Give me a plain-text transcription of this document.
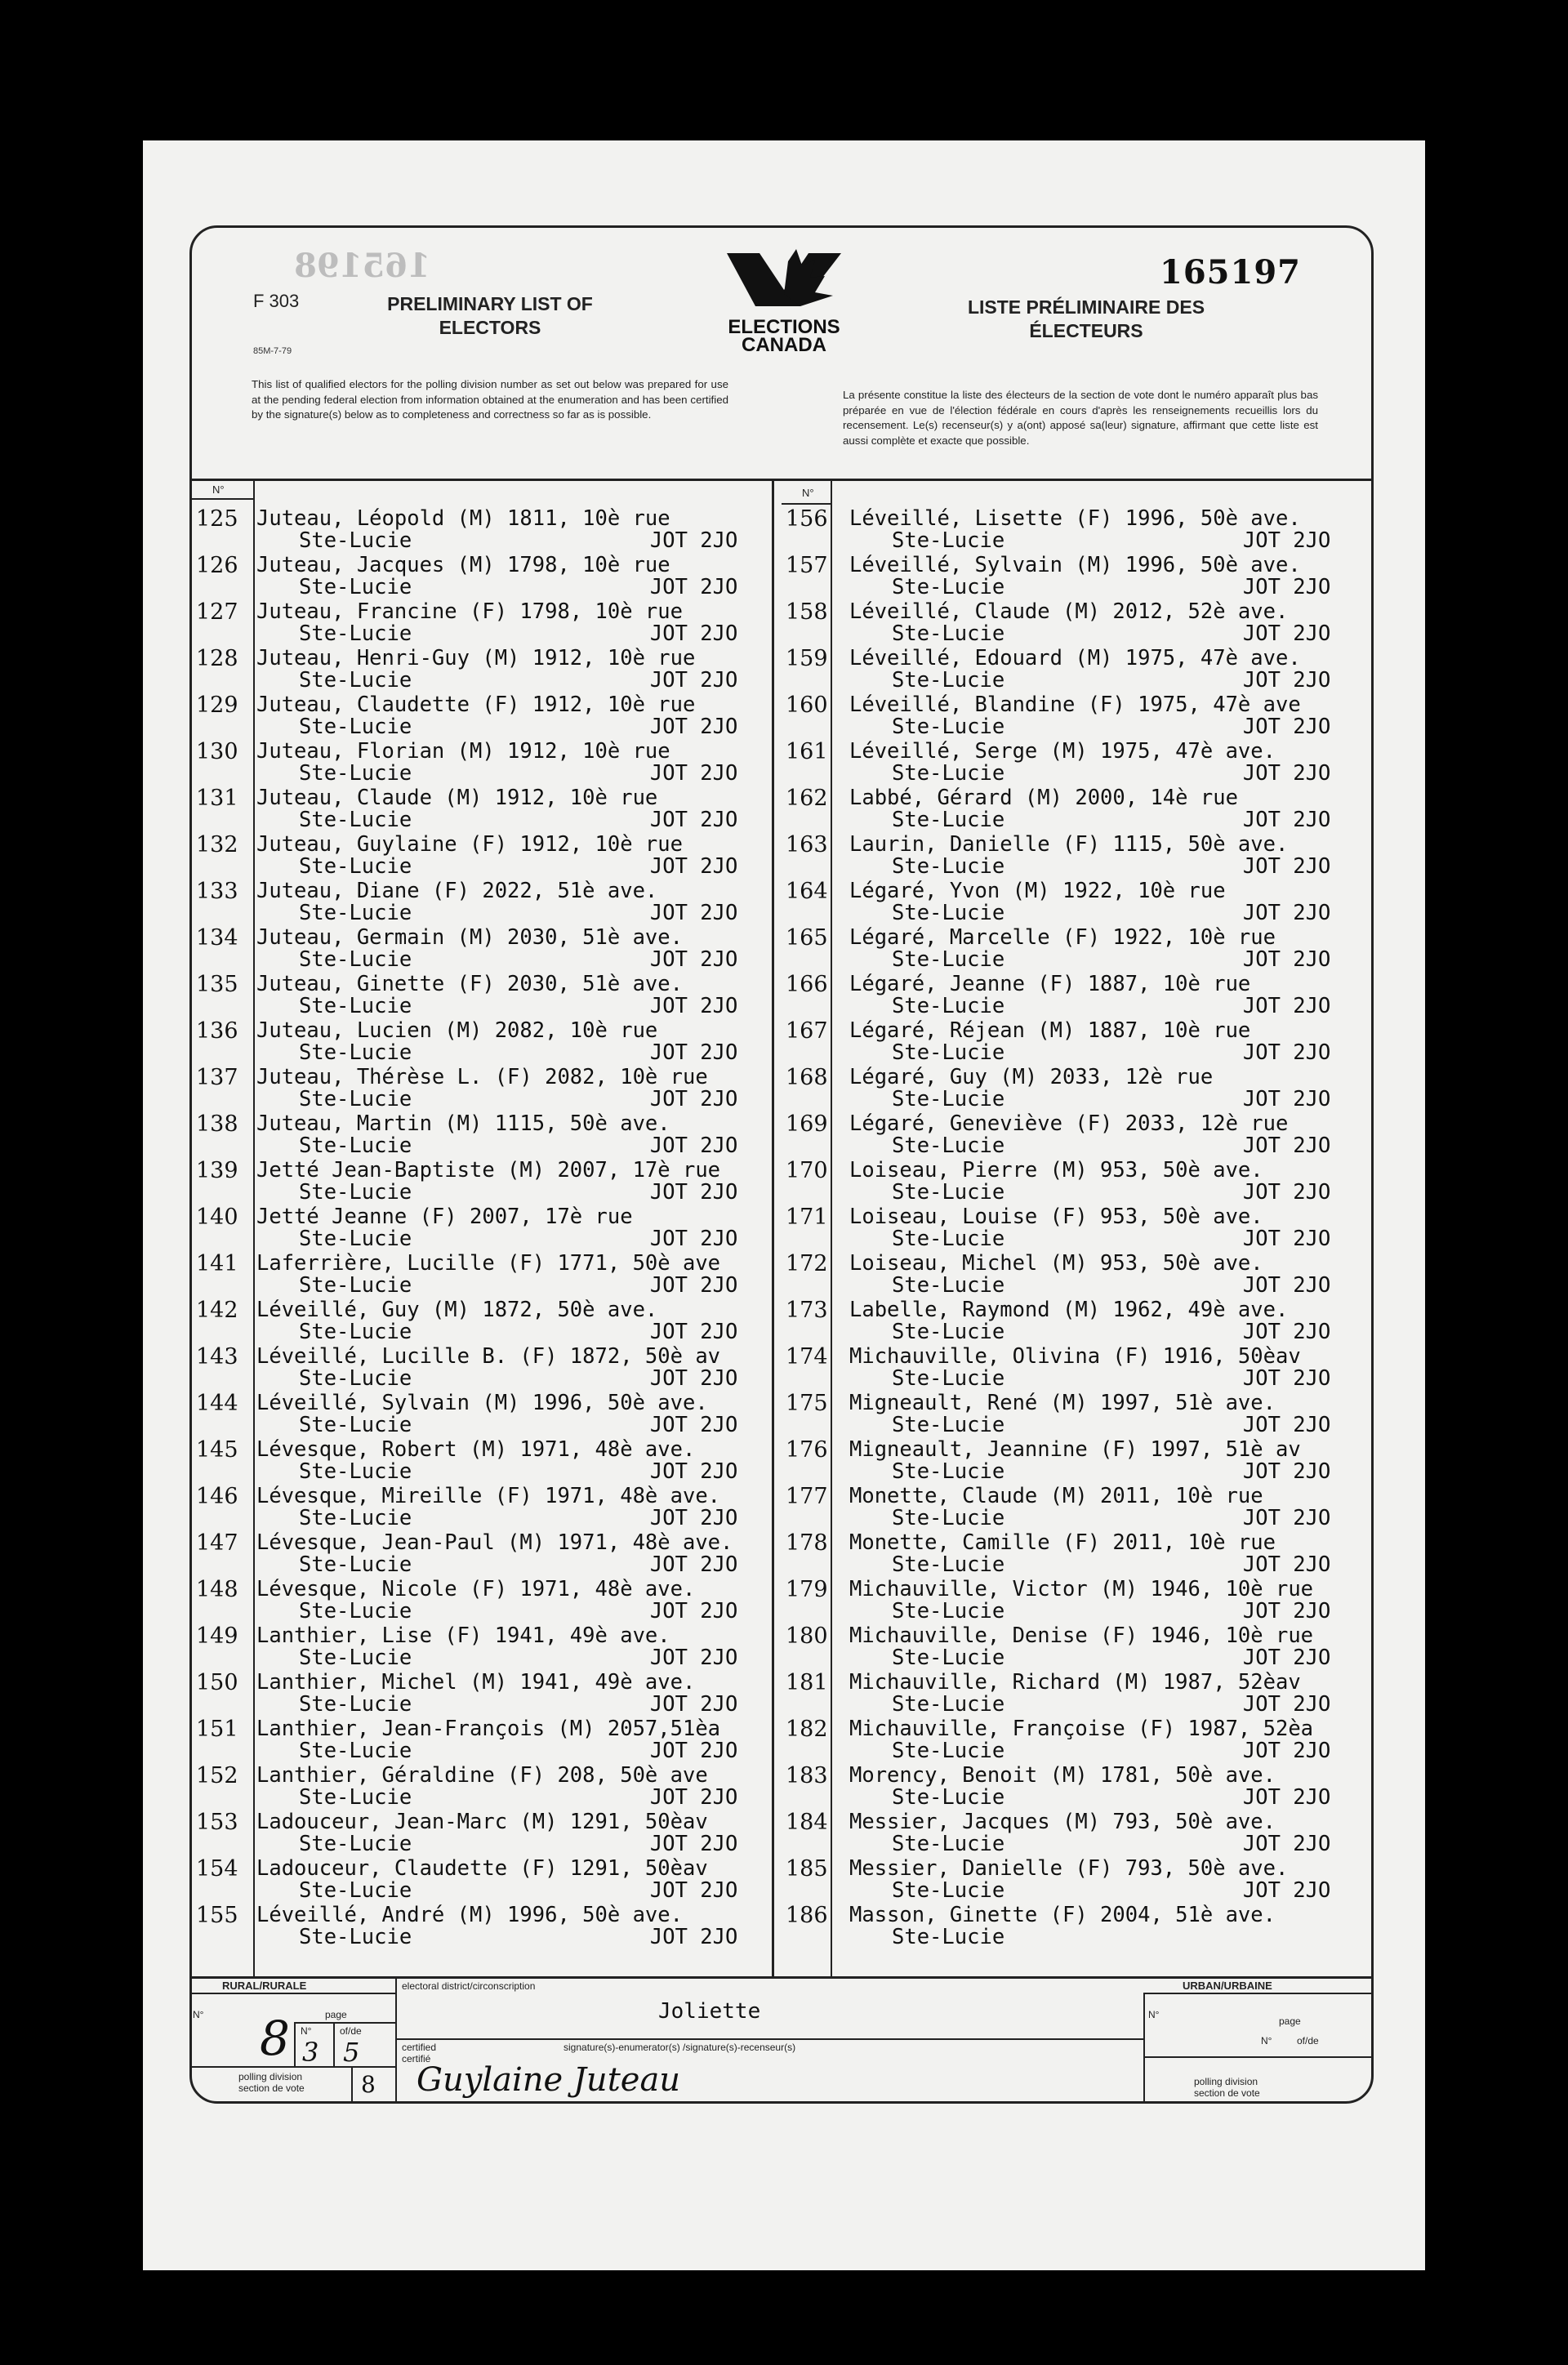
165198
F 303
85M-7-79
PRELIMINARY LIST OF
ELECTORS	ELECTIONS
CANADA
165197
LISTE PRÉLIMINAIRE DES
ÉLECTEURS
This list of qualified electors for the polling division number as set out below was prepared for use at the pending federal election from information obtained at the enumeration and has been certified by the signature(s) below as to completeness and correctness so far as is possible.
La présente constitue la liste des électeurs de la section de vote dont le numéro apparaît plus bas préparée en vue de l'élection fédérale en cours d'après les renseignements recueillis lors du recensement. Le(s) recenseur(s) y a(ont) apposé sa(leur) signature, affirmant que cette liste est aussi complète et exacte que possible.
N°	N°
125 Juteau, Léopold (M) 1811, 10è rue
Ste-Lucie                   JOT 2JO
126 Juteau, Jacques (M) 1798, 10è rue
Ste-Lucie                   JOT 2JO
127 Juteau, Francine (F) 1798, 10è rue
Ste-Lucie                   JOT 2JO
128 Juteau, Henri-Guy (M) 1912, 10è rue
Ste-Lucie                   JOT 2JO
129 Juteau, Claudette (F) 1912, 10è rue
Ste-Lucie                   JOT 2JO
130 Juteau, Florian (M) 1912, 10è rue
Ste-Lucie                   JOT 2JO
131 Juteau, Claude (M) 1912, 10è rue
Ste-Lucie                   JOT 2JO
132 Juteau, Guylaine (F) 1912, 10è rue
Ste-Lucie                   JOT 2JO
133 Juteau, Diane (F) 2022, 51è ave.
Ste-Lucie                   JOT 2JO
134 Juteau, Germain (M) 2030, 51è ave.
Ste-Lucie                   JOT 2JO
135 Juteau, Ginette (F) 2030, 51è ave.
Ste-Lucie                   JOT 2JO
136 Juteau, Lucien (M) 2082, 10è rue
Ste-Lucie                   JOT 2JO
137 Juteau, Thérèse L. (F) 2082, 10è rue
Ste-Lucie                   JOT 2JO
138 Juteau, Martin (M) 1115, 50è ave.
Ste-Lucie                   JOT 2JO
139 Jetté Jean-Baptiste (M) 2007, 17è rue
Ste-Lucie                   JOT 2JO
140 Jetté Jeanne (F) 2007, 17è rue
Ste-Lucie                   JOT 2JO
141 Laferrière, Lucille (F) 1771, 50è ave
Ste-Lucie                   JOT 2JO
142 Léveillé, Guy (M) 1872, 50è ave.
Ste-Lucie                   JOT 2JO
143 Léveillé, Lucille B. (F) 1872, 50è av
Ste-Lucie                   JOT 2JO
144 Léveillé, Sylvain (M) 1996, 50è ave.
Ste-Lucie                   JOT 2JO
145 Lévesque, Robert (M) 1971, 48è ave.
Ste-Lucie                   JOT 2JO
146 Lévesque, Mireille (F) 1971, 48è ave.
Ste-Lucie                   JOT 2JO
147 Lévesque, Jean-Paul (M) 1971, 48è ave.
Ste-Lucie                   JOT 2JO
148 Lévesque, Nicole (F) 1971, 48è ave.
Ste-Lucie                   JOT 2JO
149 Lanthier, Lise (F) 1941, 49è ave.
Ste-Lucie                   JOT 2JO
150 Lanthier, Michel (M) 1941, 49è ave.
Ste-Lucie                   JOT 2JO
151 Lanthier, Jean-François (M) 2057,51èa
Ste-Lucie                   JOT 2JO
152 Lanthier, Géraldine (F) 208, 50è ave
Ste-Lucie                   JOT 2JO
153 Ladouceur, Jean-Marc (M) 1291, 50èav
Ste-Lucie                   JOT 2JO
154 Ladouceur, Claudette (F) 1291, 50èav
Ste-Lucie                   JOT 2JO
155 Léveillé, André (M) 1996, 50è ave.
Ste-Lucie                   JOT 2JO
156 Léveillé, Lisette (F) 1996, 50è ave.
Ste-Lucie                   JOT 2JO
157 Léveillé, Sylvain (M) 1996, 50è ave.
Ste-Lucie                   JOT 2JO
158 Léveillé, Claude (M) 2012, 52è ave.
Ste-Lucie                   JOT 2JO
159 Léveillé, Edouard (M) 1975, 47è ave.
Ste-Lucie                   JOT 2JO
160 Léveillé, Blandine (F) 1975, 47è ave
Ste-Lucie                   JOT 2JO
161 Léveillé, Serge (M) 1975, 47è ave.
Ste-Lucie                   JOT 2JO
162 Labbé, Gérard (M) 2000, 14è rue
Ste-Lucie                   JOT 2JO
163 Laurin, Danielle (F) 1115, 50è ave.
Ste-Lucie                   JOT 2JO
164 Légaré, Yvon (M) 1922, 10è rue
Ste-Lucie                   JOT 2JO
165 Légaré, Marcelle (F) 1922, 10è rue
Ste-Lucie                   JOT 2JO
166 Légaré, Jeanne (F) 1887, 10è rue
Ste-Lucie                   JOT 2JO
167 Légaré, Réjean (M) 1887, 10è rue
Ste-Lucie                   JOT 2JO
168 Légaré, Guy (M) 2033, 12è rue
Ste-Lucie                   JOT 2JO
169 Légaré, Geneviève (F) 2033, 12è rue
Ste-Lucie                   JOT 2JO
170 Loiseau, Pierre (M) 953, 50è ave.
Ste-Lucie                   JOT 2JO
171 Loiseau, Louise (F) 953, 50è ave.
Ste-Lucie                   JOT 2JO
172 Loiseau, Michel (M) 953, 50è ave.
Ste-Lucie                   JOT 2JO
173 Labelle, Raymond (M) 1962, 49è ave.
Ste-Lucie                   JOT 2JO
174 Michauville, Olivina (F) 1916, 50èav
Ste-Lucie                   JOT 2JO
175 Migneault, René (M) 1997, 51è ave.
Ste-Lucie                   JOT 2JO
176 Migneault, Jeannine (F) 1997, 51è av
Ste-Lucie                   JOT 2JO
177 Monette, Claude (M) 2011, 10è rue
Ste-Lucie                   JOT 2JO
178 Monette, Camille (F) 2011, 10è rue
Ste-Lucie                   JOT 2JO
179 Michauville, Victor (M) 1946, 10è rue
Ste-Lucie                   JOT 2JO
180 Michauville, Denise (F) 1946, 10è rue
Ste-Lucie                   JOT 2JO
181 Michauville, Richard (M) 1987, 52èav
Ste-Lucie                   JOT 2JO
182 Michauville, Françoise (F) 1987, 52èa
Ste-Lucie                   JOT 2JO
183 Morency, Benoit (M) 1781, 50è ave.
Ste-Lucie                   JOT 2JO
184 Messier, Jacques (M) 793, 50è ave.
Ste-Lucie                   JOT 2JO
185 Messier, Danielle (F) 793, 50è ave.
Ste-Lucie                   JOT 2JO
186 Masson, Ginette (F) 2004, 51è ave.
Ste-Lucie
RURAL/RURALE	URBAN/URBAINE
electoral district/circonscription
Joliette
N°	N°
page
page
N°	of/de
N°	of/de
8 3 5	certified
certifié
signature(s)-enumerator(s) /signature(s)-recenseur(s)
Guylaine Juteau
polling division
section de vote 8	polling division
section de vote
